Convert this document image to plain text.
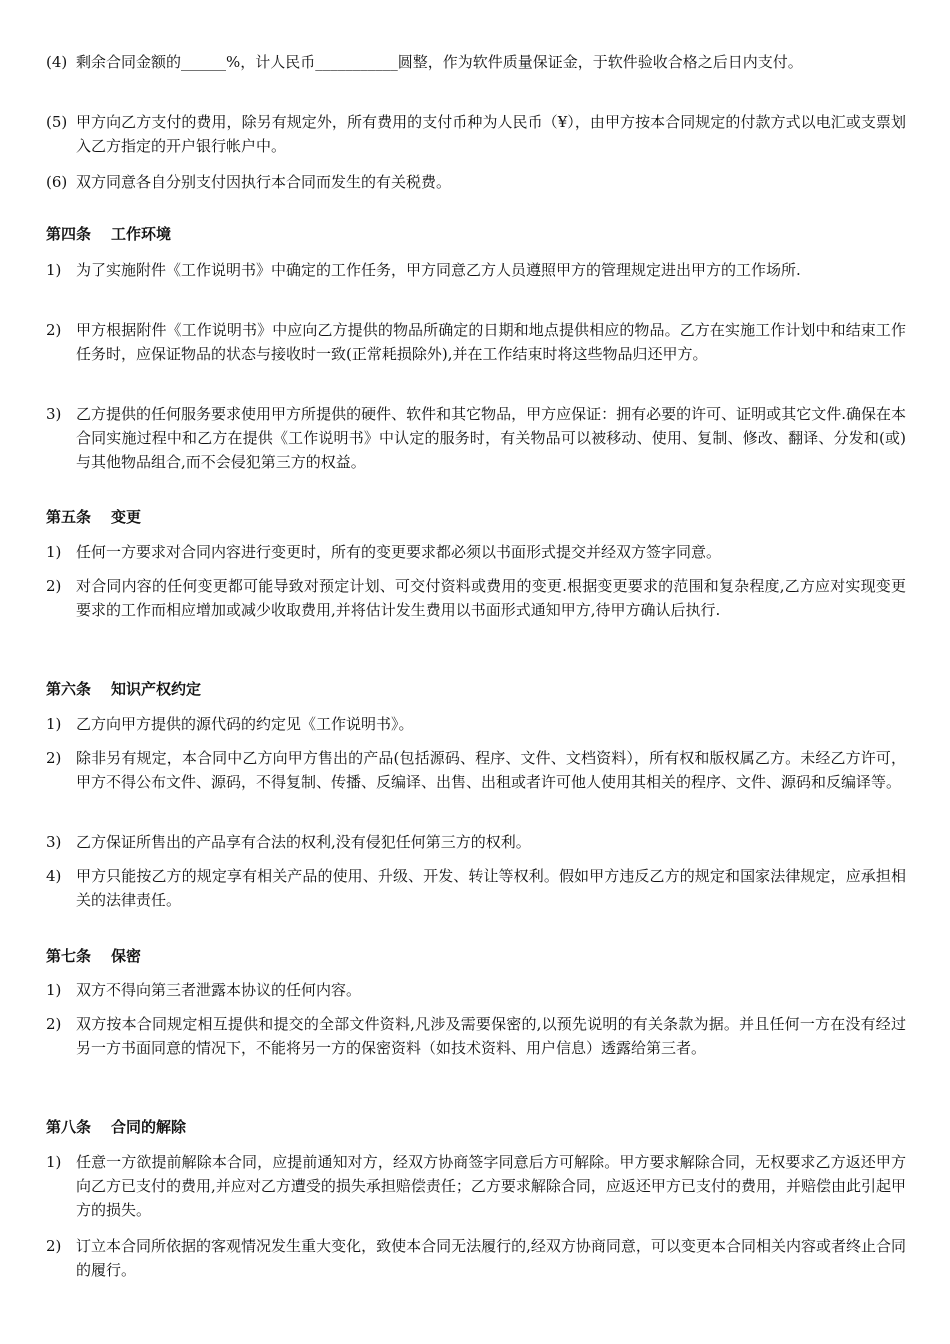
(4) 剩余合同金额的______%，计人民币___________圆整，作为软件质量保证金，于软件验收合格之后日内支付。
(5) 甲方向乙方支付的费用，除另有规定外，所有费用的支付币种为人民币（¥），由甲方按本合同规定的付款方式以电汇或支票划入乙方指定的开户银行帐户中。
(6) 双方同意各自分别支付因执行本合同而发生的有关税费。
第四条 工作环境
1) 为了实施附件《工作说明书》中确定的工作任务，甲方同意乙方人员遵照甲方的管理规定进出甲方的工作场所.
2) 甲方根据附件《工作说明书》中应向乙方提供的物品所确定的日期和地点提供相应的物品。乙方在实施工作计划中和结束工作任务时，应保证物品的状态与接收时一致(正常耗损除外),并在工作结束时将这些物品归还甲方。
3) 乙方提供的任何服务要求使用甲方所提供的硬件、软件和其它物品，甲方应保证：拥有必要的许可、证明或其它文件.确保在本合同实施过程中和乙方在提供《工作说明书》中认定的服务时，有关物品可以被移动、使用、复制、修改、翻译、分发和(或)与其他物品组合,而不会侵犯第三方的权益。
第五条 变更
1) 任何一方要求对合同内容进行变更时，所有的变更要求都必须以书面形式提交并经双方签字同意。
2) 对合同内容的任何变更都可能导致对预定计划、可交付资料或费用的变更.根据变更要求的范围和复杂程度,乙方应对实现变更要求的工作而相应增加或减少收取费用,并将估计发生费用以书面形式通知甲方,待甲方确认后执行.
第六条 知识产权约定
1) 乙方向甲方提供的源代码的约定见《工作说明书》。
2) 除非另有规定，本合同中乙方向甲方售出的产品(包括源码、程序、文件、文档资料），所有权和版权属乙方。未经乙方许可，甲方不得公布文件、源码，不得复制、传播、反编译、出售、出租或者许可他人使用其相关的程序、文件、源码和反编译等。
3) 乙方保证所售出的产品享有合法的权利,没有侵犯任何第三方的权利。
4) 甲方只能按乙方的规定享有相关产品的使用、升级、开发、转让等权利。假如甲方违反乙方的规定和国家法律规定，应承担相关的法律责任。
第七条 保密
1) 双方不得向第三者泄露本协议的任何内容。
2) 双方按本合同规定相互提供和提交的全部文件资料,凡涉及需要保密的,以预先说明的有关条款为据。并且任何一方在没有经过另一方书面同意的情况下，不能将另一方的保密资料（如技术资料、用户信息）透露给第三者。
第八条 合同的解除
1) 任意一方欲提前解除本合同，应提前通知对方，经双方协商签字同意后方可解除。甲方要求解除合同，无权要求乙方返还甲方向乙方已支付的费用,并应对乙方遭受的损失承担赔偿责任；乙方要求解除合同，应返还甲方已支付的费用，并赔偿由此引起甲方的损失。
2) 订立本合同所依据的客观情况发生重大变化，致使本合同无法履行的,经双方协商同意，可以变更本合同相关内容或者终止合同的履行。
